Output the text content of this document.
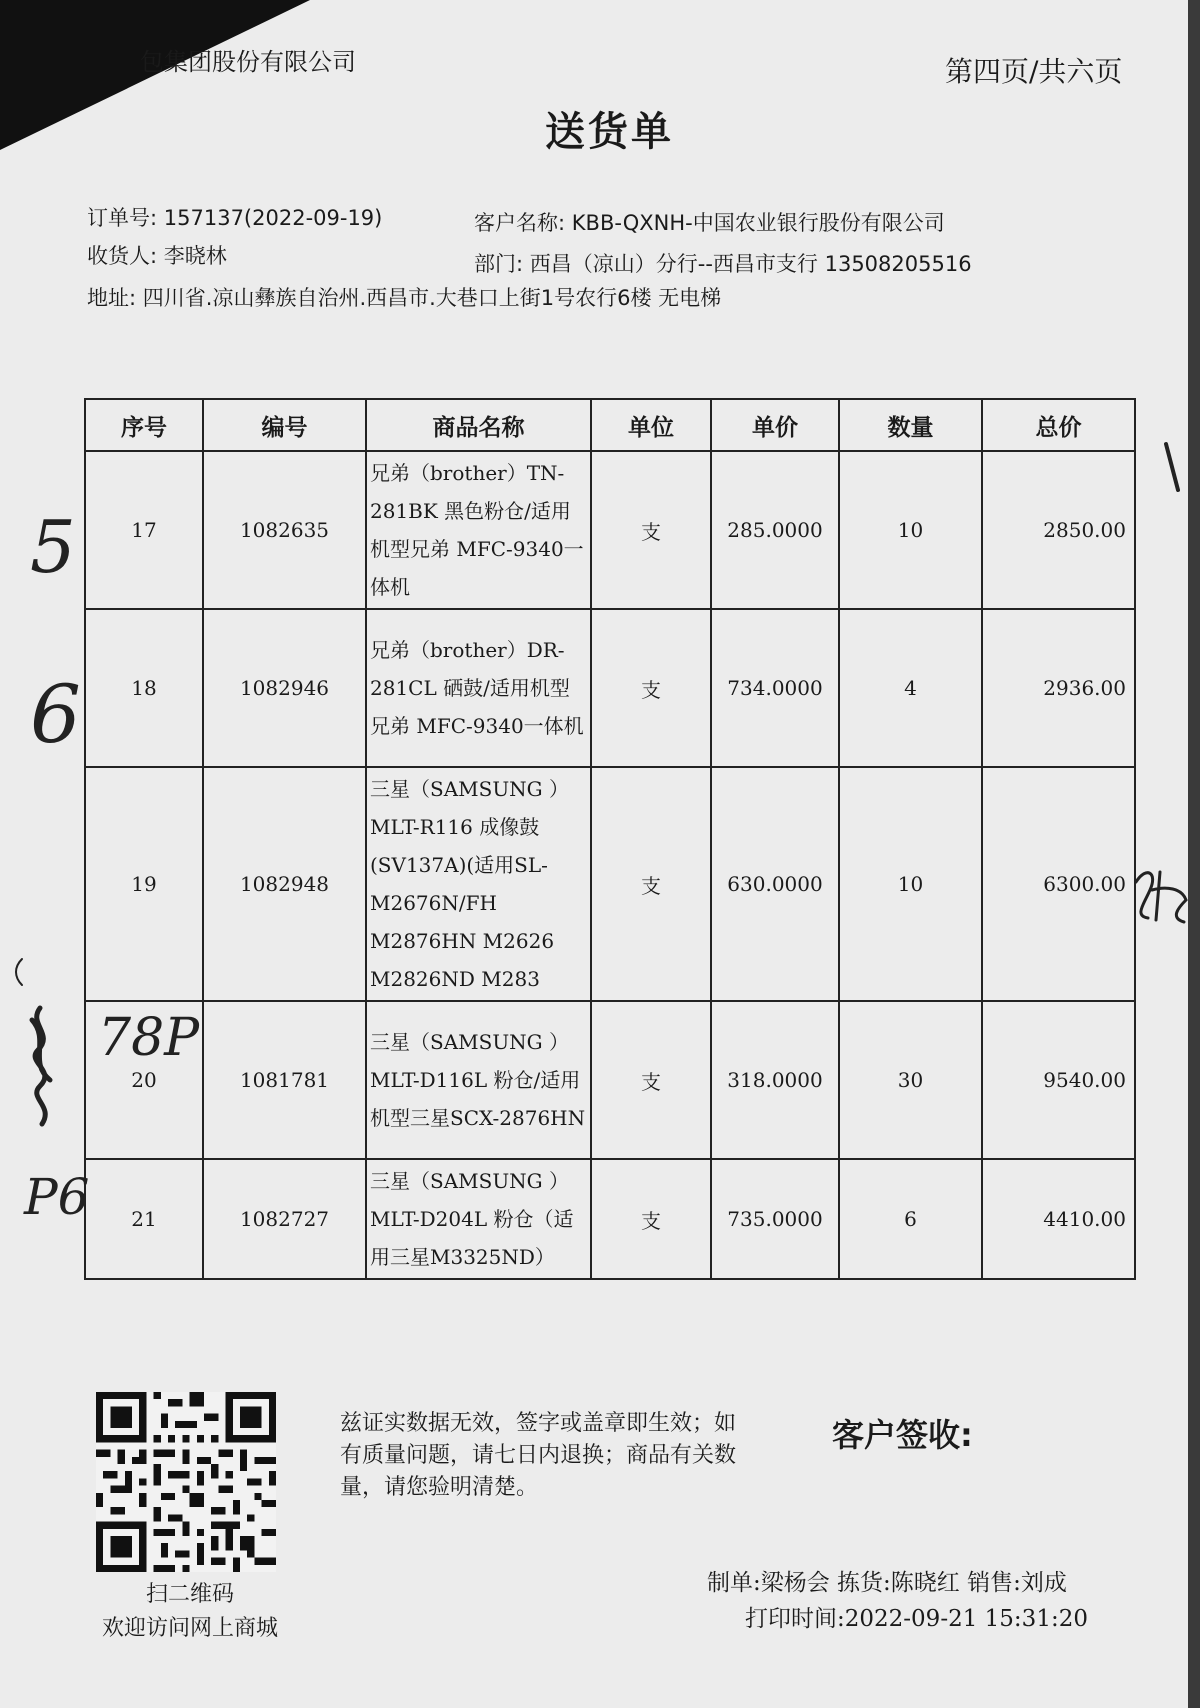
包集团股份有限公司	第四页/共六页
送货单
订单号: 157137(2022-09-19)	客户名称: KBB-QXNH-中国农业银行股份有限公司
收货人: 李晓林	部门: 西昌（凉山）分行--西昌市支行 13508205516
地址: 四川省.凉山彝族自治州.西昌市.大巷口上街1号农行6楼 无电梯
序号	编号	商品名称	单位	单价	数量	总价
17	1082635	兄弟（brother）TN-281BK 黑色粉仓/适用机型兄弟 MFC-9340一体机	支	285.0000	10	2850.00
18	1082946	兄弟（brother）DR-281CL 硒鼓/适用机型兄弟 MFC-9340一体机	支	734.0000	4	2936.00
19	1082948	三星（SAMSUNG ）MLT-R116 成像鼓(SV137A)(适用SL-M2676N/FH M2876HN M2626 M2826ND M283	支	630.0000	10	6300.00
20	1081781	三星（SAMSUNG ）MLT-D116L 粉仓/适用机型三星SCX-2876HN	支	318.0000	30	9540.00
21	1082727	三星（SAMSUNG ）MLT-D204L 粉仓（适用三星M3325ND）	支	735.0000	6	4410.00
5
6
78P
P6
扫二维码
欢迎访问网上商城
兹证实数据无效，签字或盖章即生效；如有质量问题，请七日内退换；商品有关数量，请您验明清楚。
客户签收:
制单:梁杨会 拣货:陈晓红 销售:刘成
打印时间:2022-09-21 15:31:20
